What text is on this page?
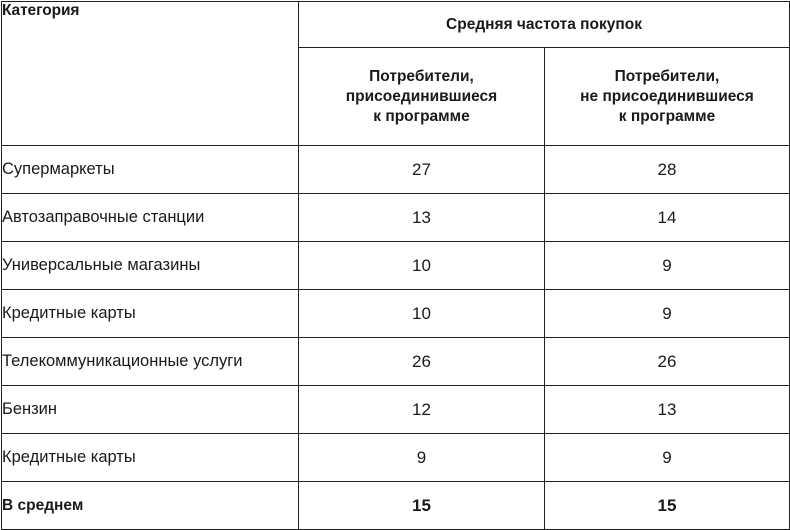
Категория	Средняя частота покупок	
	Потребители,
присоединившиеся
к программе	Потребители,
не присоединившиеся
к программе
Супермаркеты	27	28
Автозаправочные станции	13	14
Универсальные магазины	10	9
Кредитные карты	10	9
Телекоммуникационные услуги	26	26
Бензин	12	13
Кредитные карты	9	9
В среднем	15	15
